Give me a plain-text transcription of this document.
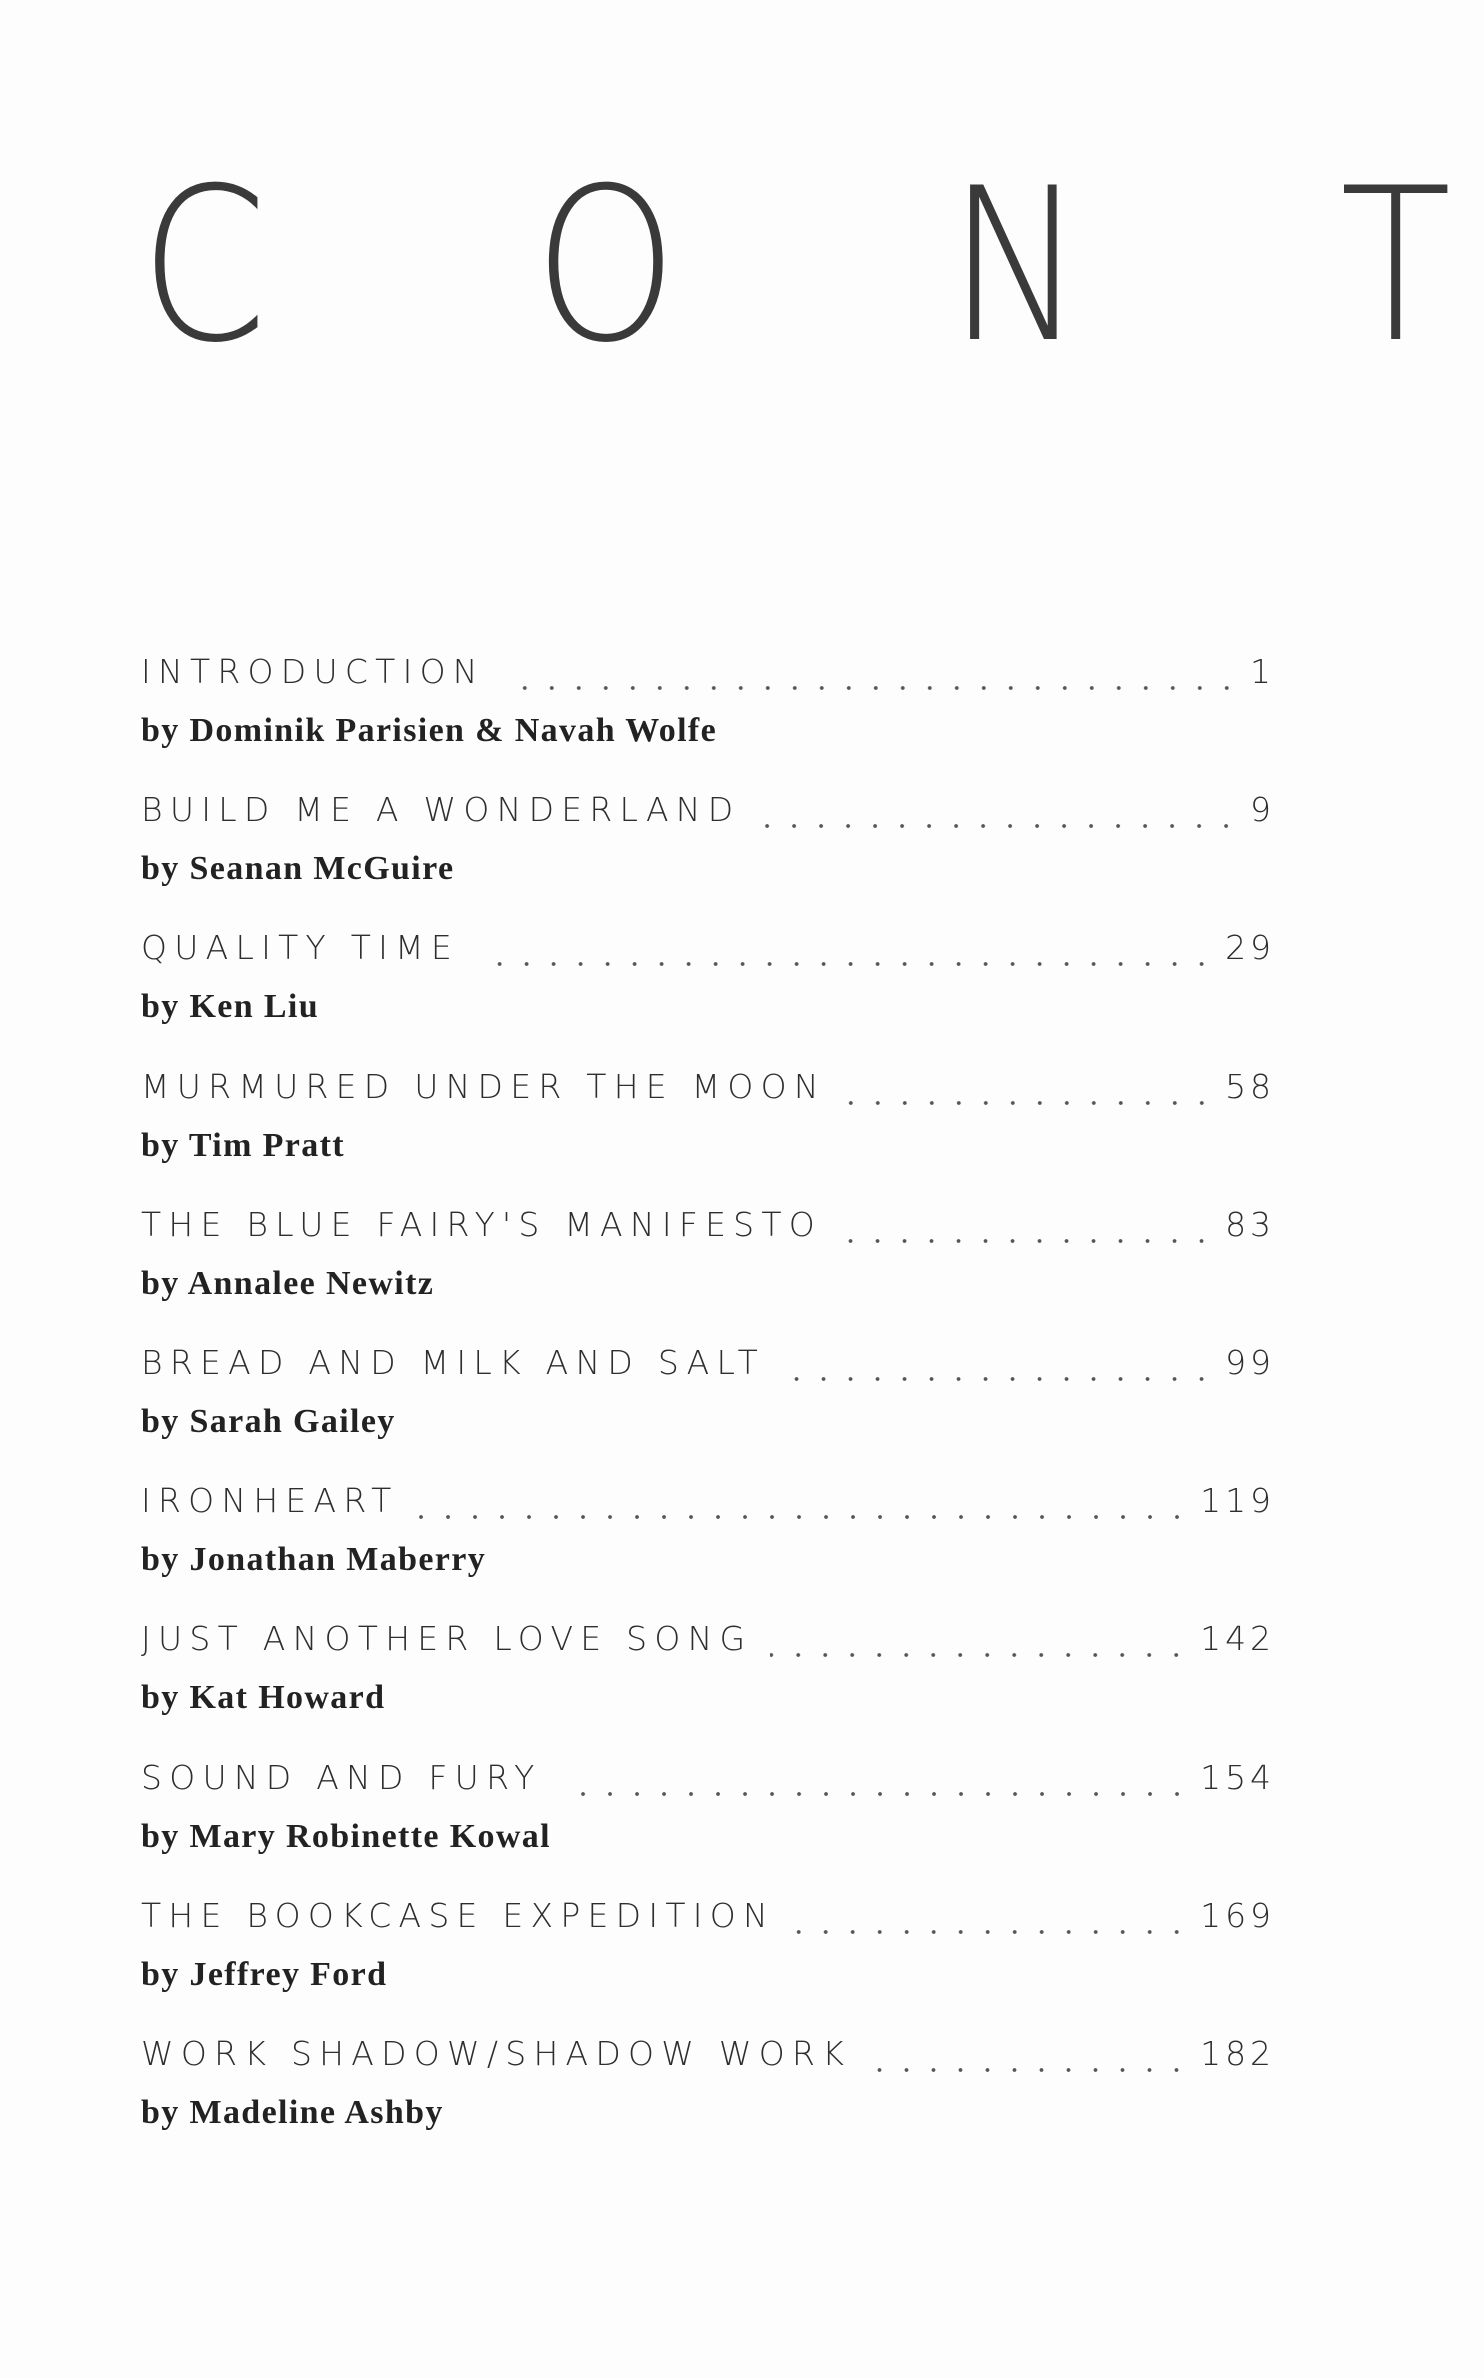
C O N T
INTRODUCTION	1
by Dominik Parisien & Navah Wolfe
BUILD ME A WONDERLAND	9
by Seanan McGuire
QUALITY TIME	29
by Ken Liu
MURMURED UNDER THE MOON	58
by Tim Pratt
THE BLUE FAIRY'S MANIFESTO	83
by Annalee Newitz
BREAD AND MILK AND SALT	99
by Sarah Gailey
IRONHEART	119
by Jonathan Maberry
JUST ANOTHER LOVE SONG	142
by Kat Howard
SOUND AND FURY	154
by Mary Robinette Kowal
THE BOOKCASE EXPEDITION	169
by Jeffrey Ford
WORK SHADOW/SHADOW WORK	182
by Madeline Ashby
